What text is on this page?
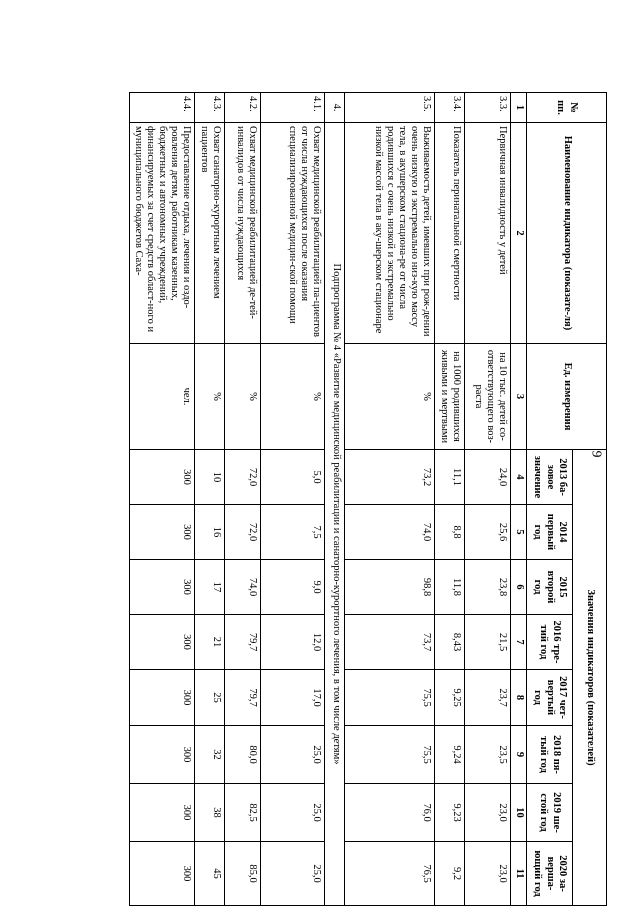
9
№ пп.	Наименование индикатора (показате-ля)	Ед. измерения	Значения индикаторов (показателей)							
			2013 ба-зовое значение	2014 первый год	2015 второй год	2016 тре-тий год	2017 чет-вертый год	2018 пя-тый год	2019 ше-стой год	2020 за-верша-ющий год
1	2	3	4	5	6	7	8	9	10	11
3.3.	Первичная инвалидность у детей	на 10 тыс. детей со-ответствующего воз-раста	24,0	25,6	23,8	21,5	23,7	23,5	23,0	23,0
3.4.	Показатель перинатальной смертности	на 1000 родившихся живыми и мертвыми	11,1	8,8	11,8	8,43	9,25	9,24	9,23	9,2
3.5.	Выживаемость детей, имевших при рож-дении очень низкую и экстремально низ-кую массу тела, в акушерском стациона-ре от числа родившихся с очень низкой и экстремально низкой массой тела в аку-шерском стационаре	%	73,2	74,0	98,8	73,7	75,5	75,5	76,0	76,5
4.	Подпрограмма № 4 «Развитие медицинской реабилитации и санаторно-курортного лечения, в том числе детям»									
4.1.	Охват медицинской реабилитацией па-циентов от числа нуждающихся после оказания специализированной медицин-ской помощи	%	5,0	7,5	9,0	12,0	17,0	25,0	25,0	25,0
4.2.	Охват медицинской реабилитацией де-тей-инвалидов от числа нуждающихся	%	72,0	72,0	74,0	79,7	79,7	80,0	82,5	85,0
4.3.	Охват санаторно-курортным лечением пациентов	%	10	16	17	21	25	32	38	45
4.4.	Предоставление отдыха, лечения и оздо-ровления детям, работникам казенных, бюджетных и автономных учреждений, финансируемых за счет средств област-ного и муниципального бюджетов Саха-	чел.	300	300	300	300	300	300	300	300
